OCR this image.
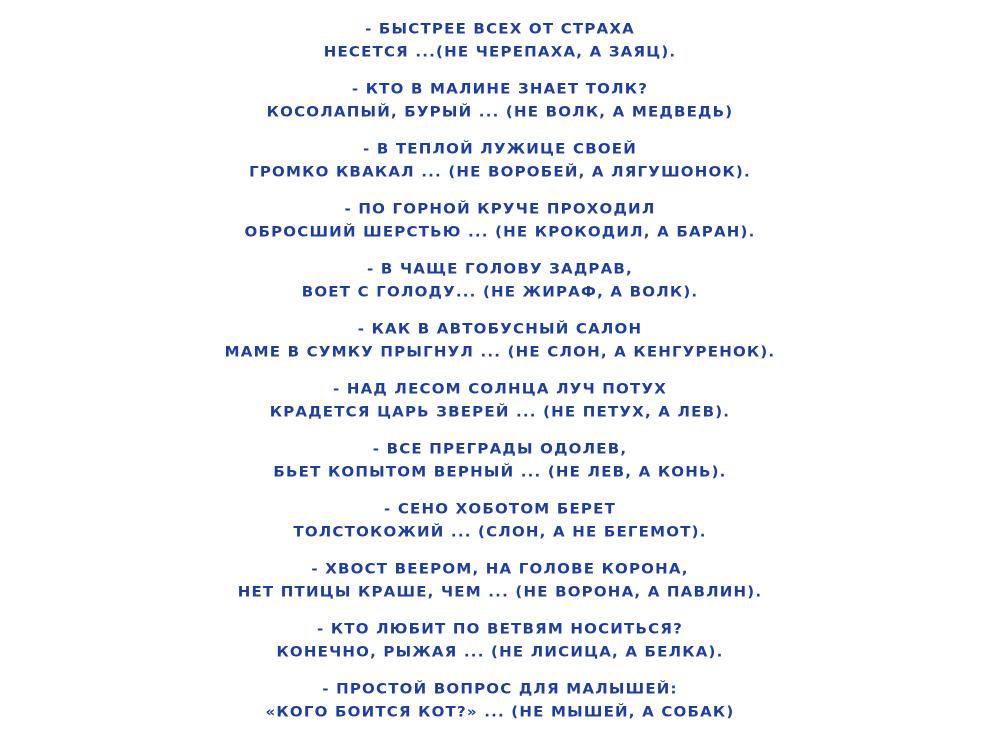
- БЫСТРЕЕ ВСЕХ ОТ СТРАХА
НЕСЕТСЯ ...(НЕ ЧЕРЕПАХА, А ЗАЯЦ).
- КТО В МАЛИНЕ ЗНАЕТ ТОЛК?
КОСОЛАПЫЙ, БУРЫЙ ... (НЕ ВОЛК, А МЕДВЕДЬ)
- В ТЕПЛОЙ ЛУЖИЦЕ СВОЕЙ
ГРОМКО КВАКАЛ ... (НЕ ВОРОБЕЙ, А ЛЯГУШОНОК).
- ПО ГОРНОЙ КРУЧЕ ПРОХОДИЛ
ОБРОСШИЙ ШЕРСТЬЮ ... (НЕ КРОКОДИЛ, А БАРАН).
- В ЧАЩЕ ГОЛОВУ ЗАДРАВ,
ВОЕТ С ГОЛОДУ... (НЕ ЖИРАФ, А ВОЛК).
- КАК В АВТОБУСНЫЙ САЛОН
МАМЕ В СУМКУ ПРЫГНУЛ ... (НЕ СЛОН, А КЕНГУРЕНОК).
- НАД ЛЕСОМ СОЛНЦА ЛУЧ ПОТУХ
КРАДЕТСЯ ЦАРЬ ЗВЕРЕЙ ... (НЕ ПЕТУХ, А ЛЕВ).
- ВСЕ ПРЕГРАДЫ ОДОЛЕВ,
БЬЕТ КОПЫТОМ ВЕРНЫЙ ... (НЕ ЛЕВ, А КОНЬ).
- СЕНО ХОБОТОМ БЕРЕТ
ТОЛСТОКОЖИЙ ... (СЛОН, А НЕ БЕГЕМОТ).
- ХВОСТ ВЕЕРОМ, НА ГОЛОВЕ КОРОНА,
НЕТ ПТИЦЫ КРАШЕ, ЧЕМ ... (НЕ ВОРОНА, А ПАВЛИН).
- КТО ЛЮБИТ ПО ВЕТВЯМ НОСИТЬСЯ?
КОНЕЧНО, РЫЖАЯ ... (НЕ ЛИСИЦА, А БЕЛКА).
- ПРОСТОЙ ВОПРОС ДЛЯ МАЛЫШЕЙ:
«КОГО БОИТСЯ КОТ?» ... (НЕ МЫШЕЙ, А СОБАК)
